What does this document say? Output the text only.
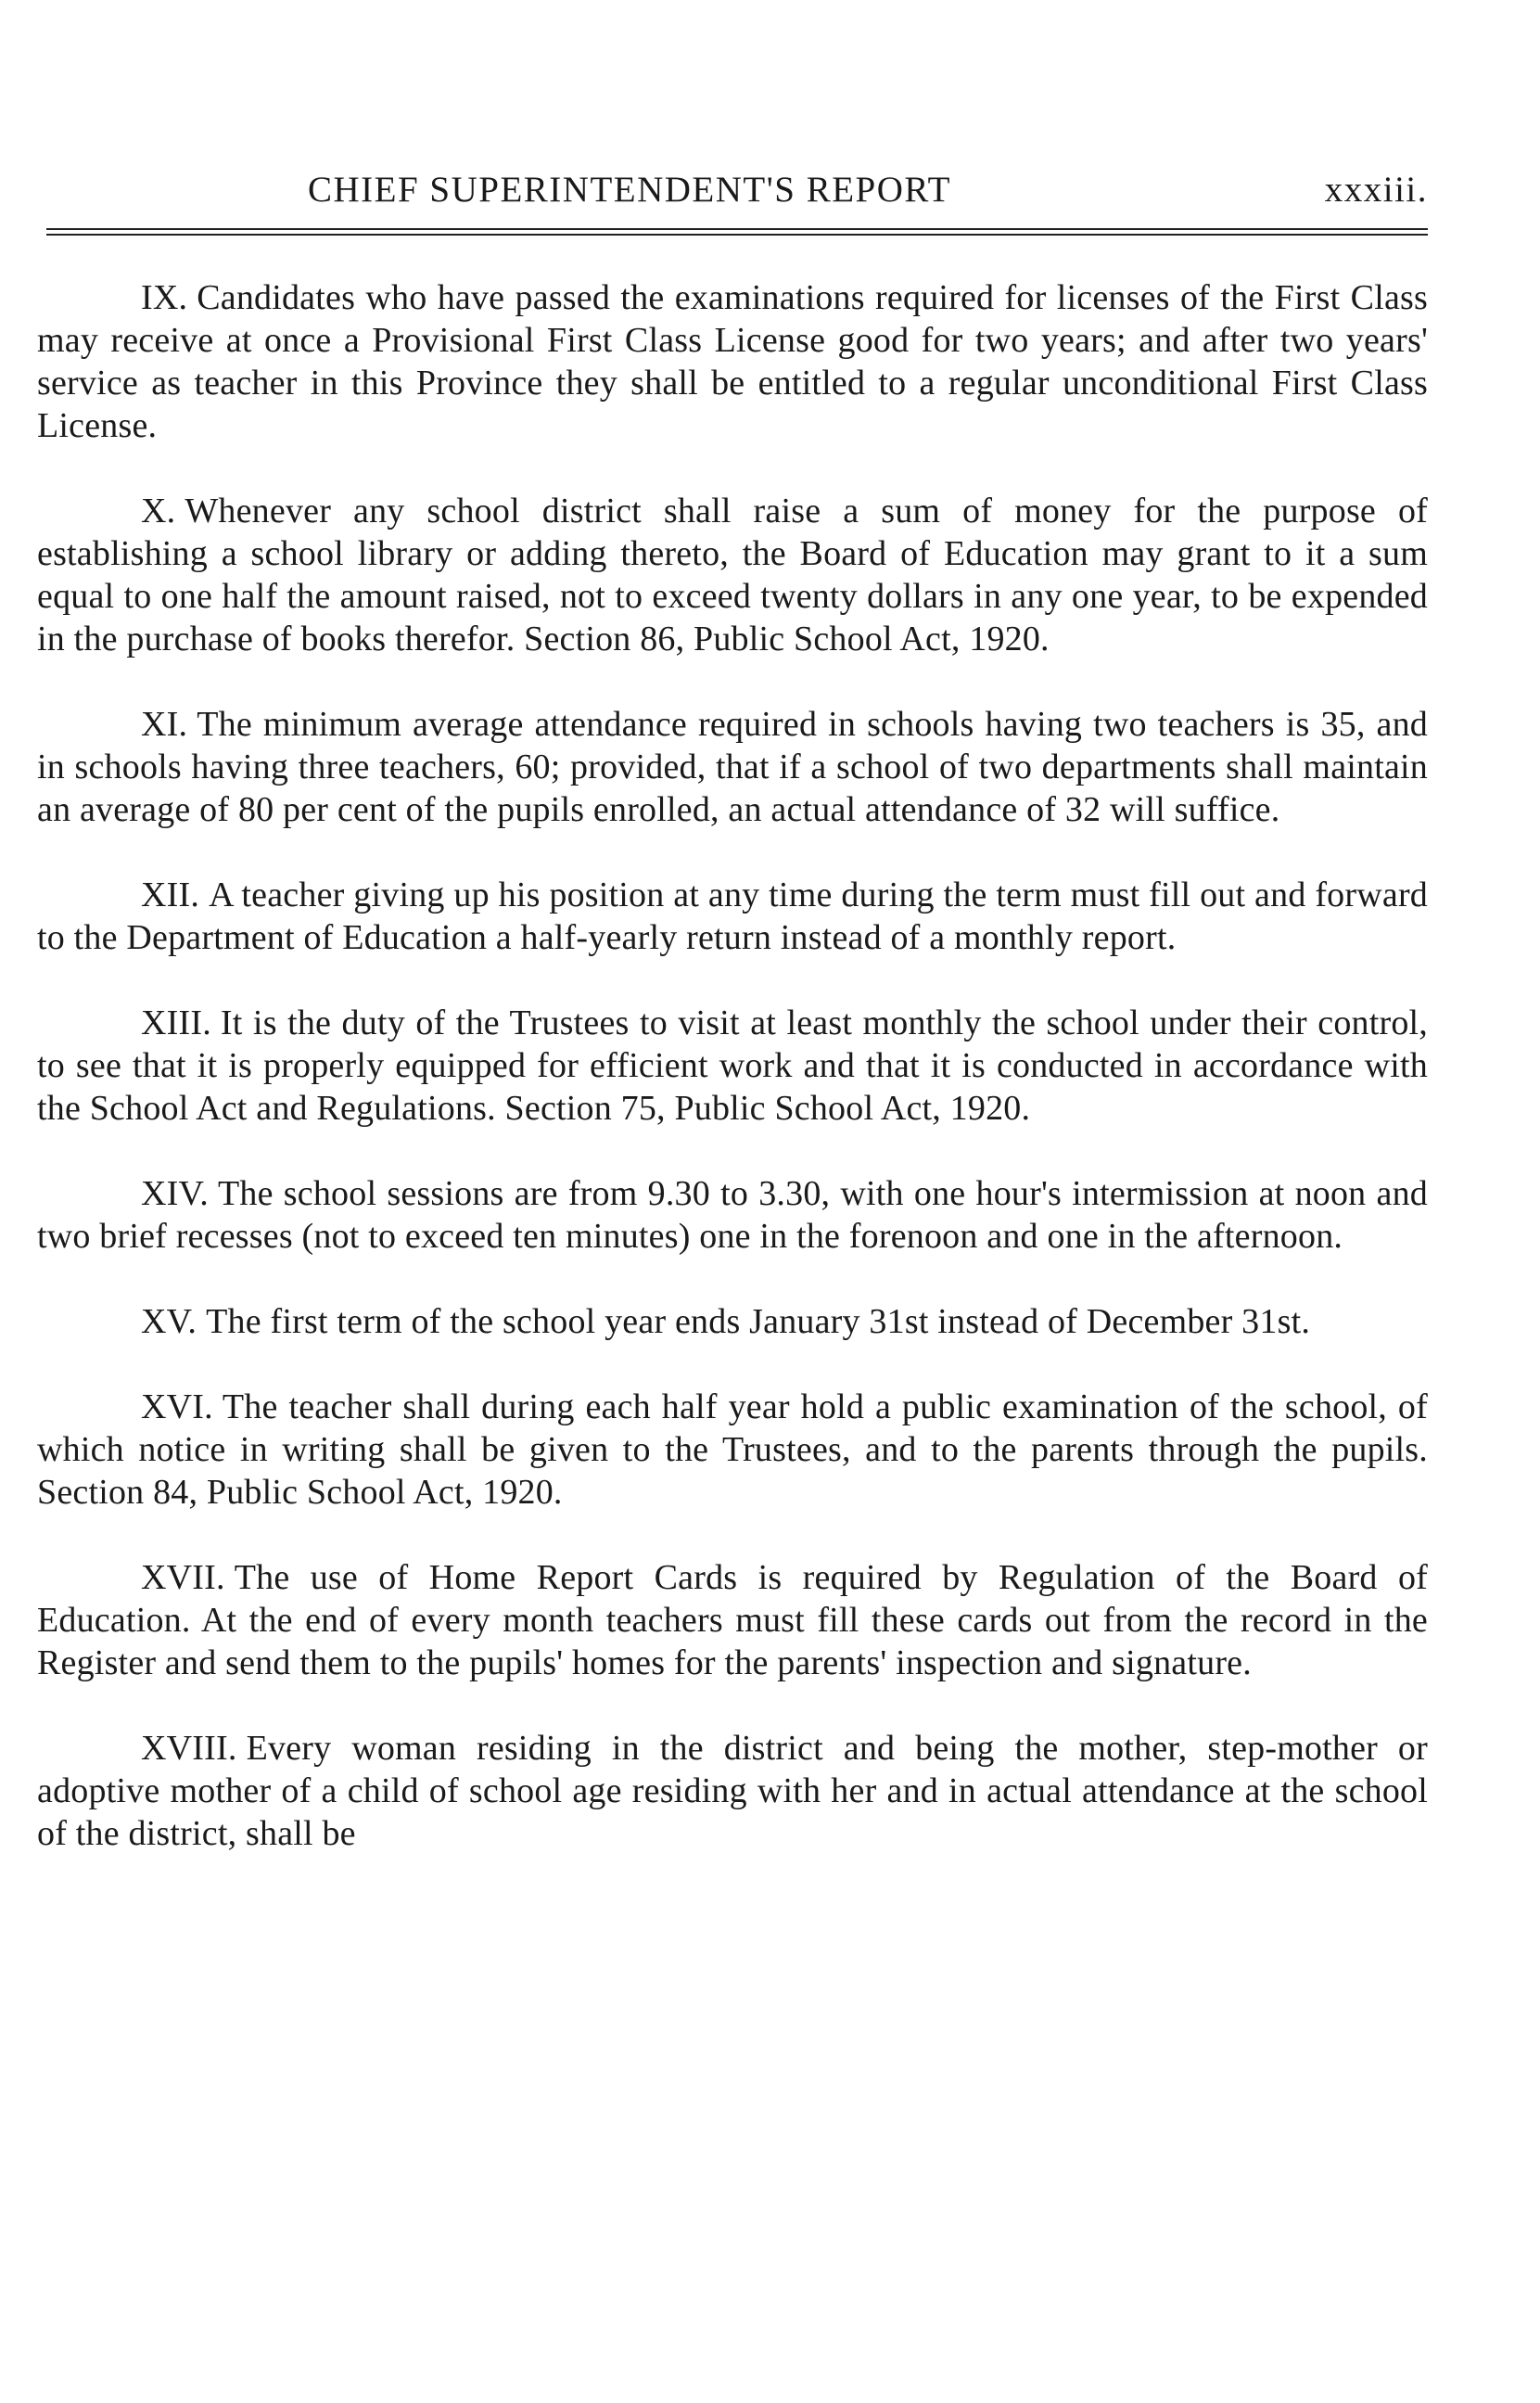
CHIEF SUPERINTENDENT'S REPORT	xxxiii.

IX. Candidates who have passed the examinations required for licenses of the First Class may receive at once a Provisional First Class License good for two years; and after two years' service as teacher in this Province they shall be entitled to a regular unconditional First Class License.

X. Whenever any school district shall raise a sum of money for the purpose of establishing a school library or adding thereto, the Board of Education may grant to it a sum equal to one half the amount raised, not to exceed twenty dollars in any one year, to be expended in the purchase of books therefor. Section 86, Public School Act, 1920.

XI. The minimum average attendance required in schools having two teachers is 35, and in schools having three teachers, 60; provided, that if a school of two departments shall maintain an average of 80 per cent of the pupils enrolled, an actual attendance of 32 will suffice.

XII. A teacher giving up his position at any time during the term must fill out and forward to the Department of Education a half-yearly return instead of a monthly report.

XIII. It is the duty of the Trustees to visit at least monthly the school under their control, to see that it is properly equipped for efficient work and that it is conducted in accordance with the School Act and Regulations. Section 75, Public School Act, 1920.

XIV. The school sessions are from 9.30 to 3.30, with one hour's intermission at noon and two brief recesses (not to exceed ten minutes) one in the forenoon and one in the afternoon.

XV. The first term of the school year ends January 31st instead of December 31st.

XVI. The teacher shall during each half year hold a public examination of the school, of which notice in writing shall be given to the Trustees, and to the parents through the pupils. Section 84, Public School Act, 1920.

XVII. The use of Home Report Cards is required by Regulation of the Board of Education. At the end of every month teachers must fill these cards out from the record in the Register and send them to the pupils' homes for the parents' inspection and signature.

XVIII. Every woman residing in the district and being the mother, step-mother or adoptive mother of a child of school age residing with her and in actual attendance at the school of the district, shall be
